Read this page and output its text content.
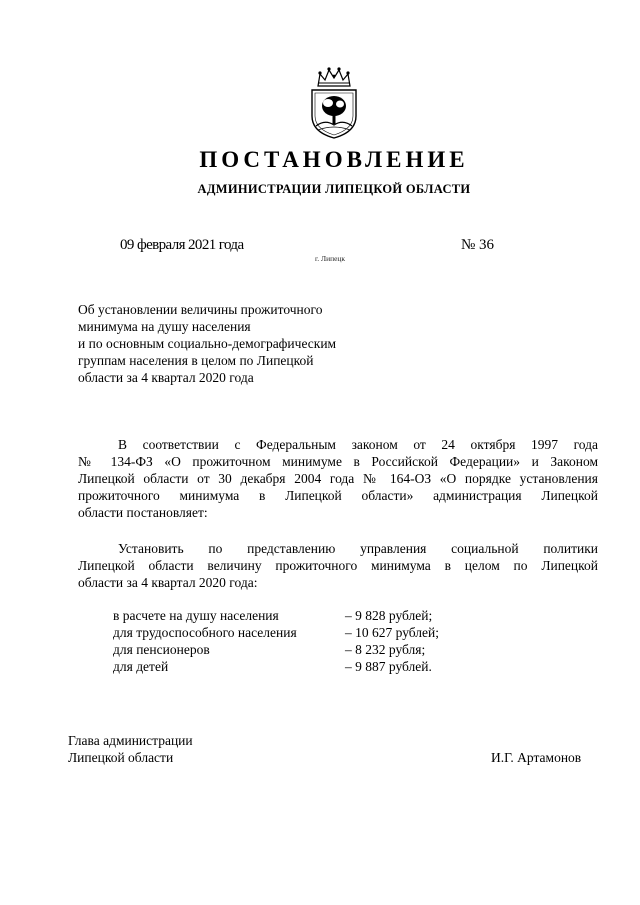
ПОСТАНОВЛЕНИЕ
АДМИНИСТРАЦИИ ЛИПЕЦКОЙ ОБЛАСТИ
09 февраля 2021 года
г. Липецк
№ 36
Об установлении величины прожиточного
минимума на душу населения
и по основным социально-демографическим
группам населения в целом по Липецкой
области за 4 квартал 2020 года
В соответствии с Федеральным законом от 24 октября 1997 года
№ 134-ФЗ «О прожиточном минимуме в Российской Федерации» и Законом
Липецкой области от 30 декабря 2004 года № 164-ОЗ «О порядке установления
прожиточного минимума в Липецкой области» администрация Липецкой
области постановляет:
Установить по представлению управления социальной политики
Липецкой области величину прожиточного минимума в целом по Липецкой
области за 4 квартал 2020 года:
в расчете на душу населения	– 9 828 рублей;
для трудоспособного населения	– 10 627 рублей;
для пенсионеров	– 8 232 рубля;
для детей	– 9 887 рублей.
Глава администрации
Липецкой области	И.Г. Артамонов
